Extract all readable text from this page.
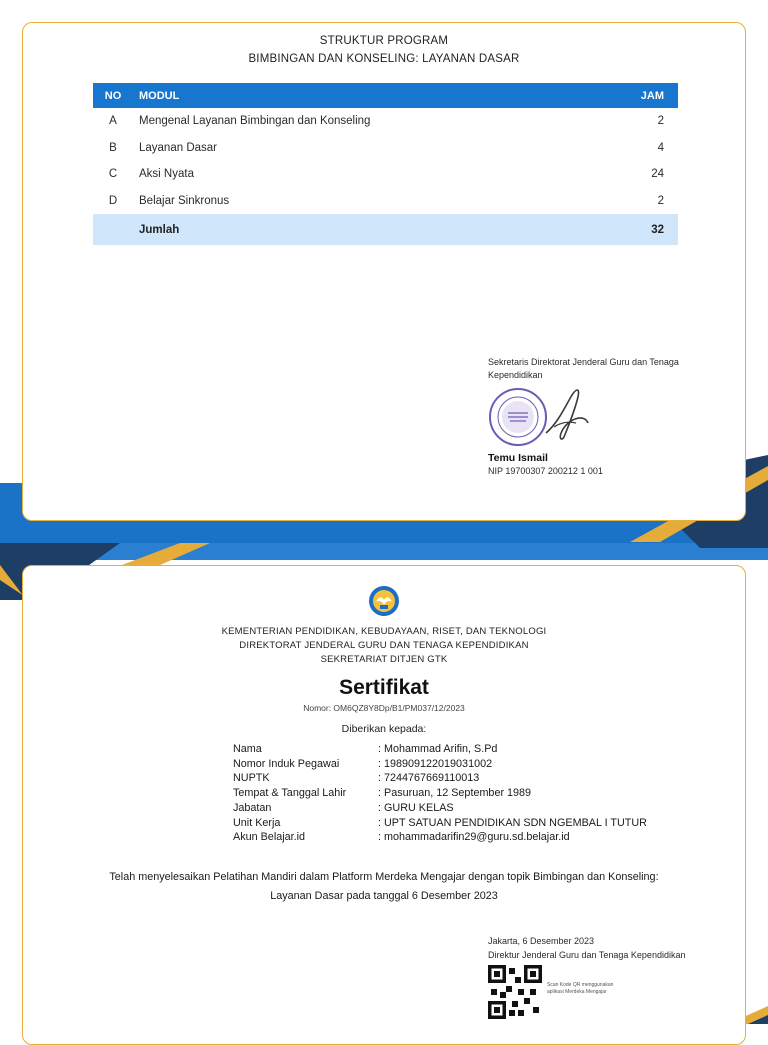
STRUKTUR PROGRAM
BIMBINGAN DAN KONSELING: LAYANAN DASAR
NO	MODUL	JAM
A	Mengenal Layanan Bimbingan dan Konseling	2
B	Layanan Dasar	4
C	Aksi Nyata	24
D	Belajar Sinkronus	2
	Jumlah	32
Sekretaris Direktorat Jenderal Guru dan Tenaga
Kependidikan
Temu Ismail
NIP 19700307 200212 1 001
KEMENTERIAN PENDIDIKAN, KEBUDAYAAN, RISET, DAN TEKNOLOGI
DIREKTORAT JENDERAL GURU DAN TENAGA KEPENDIDIKAN
SEKRETARIAT DITJEN GTK
Sertifikat
Nomor: OM6QZ8Y8Dp/B1/PM037/12/2023
Diberikan kepada:
Nama	: Mohammad Arifin, S.Pd
Nomor Induk Pegawai	: 198909122019031002
NUPTK	: 7244767669110013
Tempat & Tanggal Lahir	: Pasuruan, 12 September 1989
Jabatan	: GURU KELAS
Unit Kerja	: UPT SATUAN PENDIDIKAN SDN NGEMBAL I TUTUR
Akun Belajar.id	: mohammadarifin29@guru.sd.belajar.id
Telah menyelesaikan Pelatihan Mandiri dalam Platform Merdeka Mengajar dengan topik Bimbingan dan Konseling:
Layanan Dasar pada tanggal 6 Desember 2023
Jakarta, 6 Desember 2023
Direktur Jenderal Guru dan Tenaga Kependidikan
Scan Kode QR menggunakan
aplikasi Merdeka Mengajar
